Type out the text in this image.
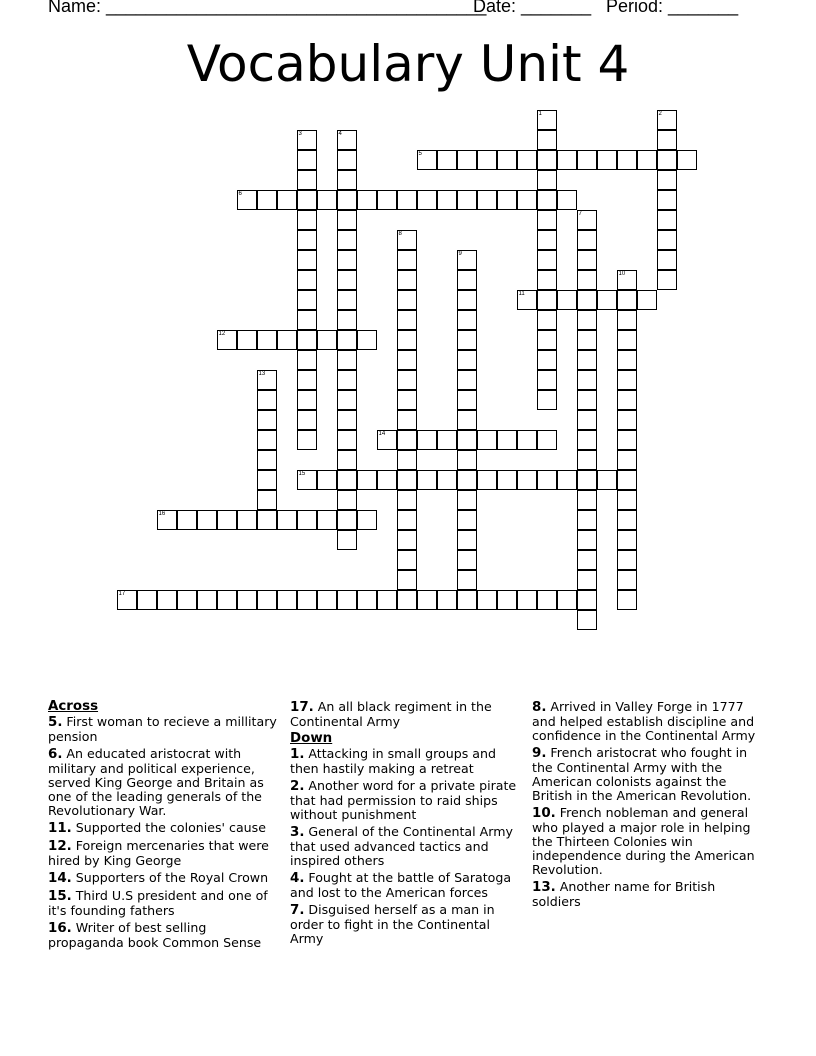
Name: ______________________________________
Date: _______ Period: _______
Vocabulary Unit 4
1	2
3	4
5
6
7
8
9
10
11
12
13
14
15
16
17
Across
5. First woman to recieve a millitary pension
6. An educated aristocrat with military and political experience, served King George and Britain as one of the leading generals of the Revolutionary War.
11. Supported the colonies' cause
12. Foreign mercenaries that were hired by King George
14. Supporters of the Royal Crown
15. Third U.S president and one of it's founding fathers
16. Writer of best selling propaganda book Common Sense
17. An all black regiment in the Continental Army
Down
1. Attacking in small groups and then hastily making a retreat
2. Another word for a private pirate that had permission to raid ships without punishment
3. General of the Continental Army that used advanced tactics and inspired others
4. Fought at the battle of Saratoga and lost to the American forces
7. Disguised herself as a man in order to fight in the Continental Army
8. Arrived in Valley Forge in 1777 and helped establish discipline and confidence in the Continental Army
9. French aristocrat who fought in the Continental Army with the American colonists against the British in the American Revolution.
10. French nobleman and general who played a major role in helping the Thirteen Colonies win independence during the American Revolution.
13. Another name for British soldiers
